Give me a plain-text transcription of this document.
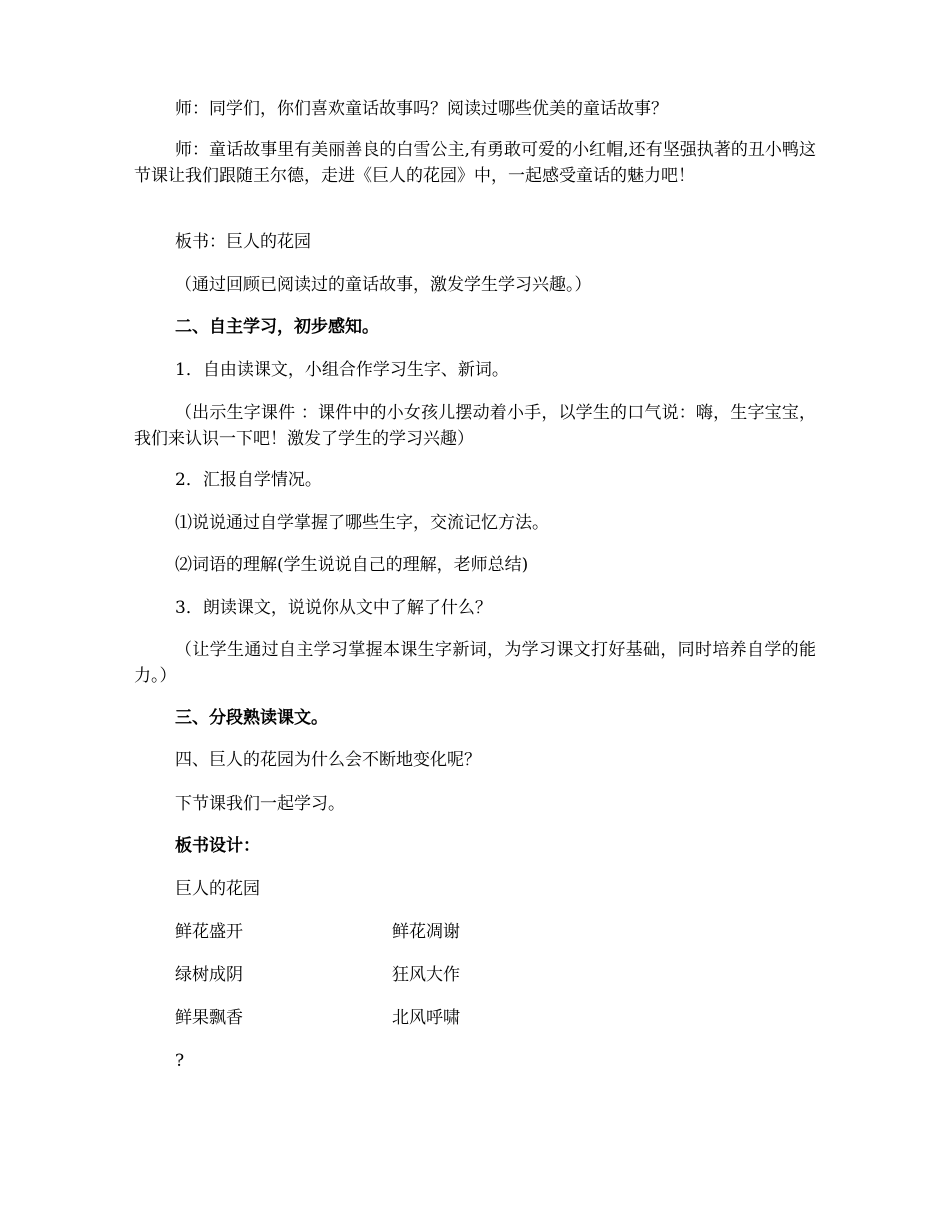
师：同学们，你们喜欢童话故事吗？阅读过哪些优美的童话故事？

师：童话故事里有美丽善良的白雪公主,有勇敢可爱的小红帽,还有坚强执著的丑小鸭这节课让我们跟随王尔德，走进《巨人的花园》中，一起感受童话的魅力吧！

板书：巨人的花园

（通过回顾已阅读过的童话故事，激发学生学习兴趣。）

二、自主学习，初步感知。

1．自由读课文，小组合作学习生字、新词。

（出示生字课件 ：课件中的小女孩儿摆动着小手，以学生的口气说：嗨，生字宝宝，我们来认识一下吧！激发了学生的学习兴趣）

2．汇报自学情况。

⑴说说通过自学掌握了哪些生字，交流记忆方法。

⑵词语的理解(学生说说自己的理解，老师总结)

3．朗读课文，说说你从文中了解了什么？

（让学生通过自主学习掌握本课生字新词，为学习课文打好基础，同时培养自学的能力。）

三、分段熟读课文。

四、巨人的花园为什么会不断地变化呢？

下节课我们一起学习。

板书设计：

巨人的花园

鲜花盛开	鲜花凋谢

绿树成阴	狂风大作

鲜果飘香	北风呼啸

?
